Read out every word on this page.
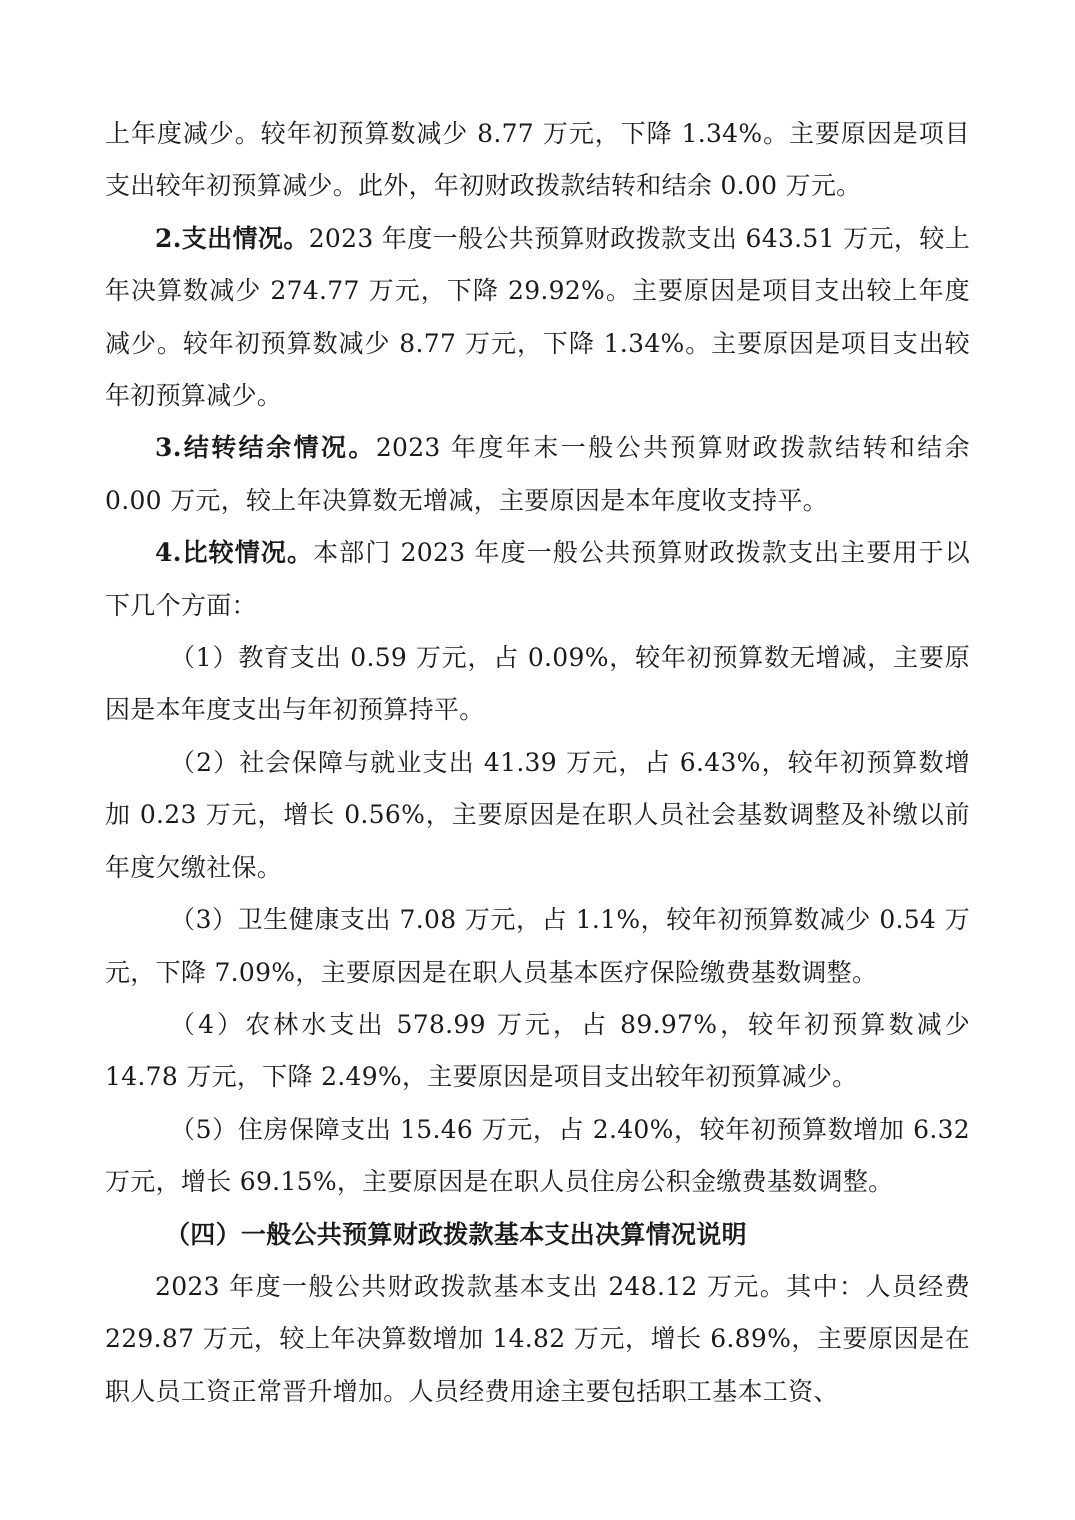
上年度减少。较年初预算数减少 8.77 万元，下降 1.34%。主要原因是项目支出较年初预算减少。此外，年初财政拨款结转和结余 0.00 万元。

2.支出情况。2023 年度一般公共预算财政拨款支出 643.51 万元，较上年决算数减少 274.77 万元，下降 29.92%。主要原因是项目支出较上年度减少。较年初预算数减少 8.77 万元，下降 1.34%。主要原因是项目支出较年初预算减少。

3.结转结余情况。2023 年度年末一般公共预算财政拨款结转和结余 0.00 万元，较上年决算数无增减，主要原因是本年度收支持平。

4.比较情况。本部门 2023 年度一般公共预算财政拨款支出主要用于以下几个方面：

（1）教育支出 0.59 万元，占 0.09%，较年初预算数无增减，主要原因是本年度支出与年初预算持平。

（2）社会保障与就业支出 41.39 万元，占 6.43%，较年初预算数增加 0.23 万元，增长 0.56%，主要原因是在职人员社会基数调整及补缴以前年度欠缴社保。

（3）卫生健康支出 7.08 万元，占 1.1%，较年初预算数减少 0.54 万元，下降 7.09%，主要原因是在职人员基本医疗保险缴费基数调整。

（4）农林水支出 578.99 万元，占 89.97%，较年初预算数减少 14.78 万元，下降 2.49%，主要原因是项目支出较年初预算减少。

（5）住房保障支出 15.46 万元，占 2.40%，较年初预算数增加 6.32 万元，增长 69.15%，主要原因是在职人员住房公积金缴费基数调整。

（四）一般公共预算财政拨款基本支出决算情况说明

2023 年度一般公共财政拨款基本支出 248.12 万元。其中：人员经费 229.87 万元，较上年决算数增加 14.82 万元，增长 6.89%，主要原因是在职人员工资正常晋升增加。人员经费用途主要包括职工基本工资、
